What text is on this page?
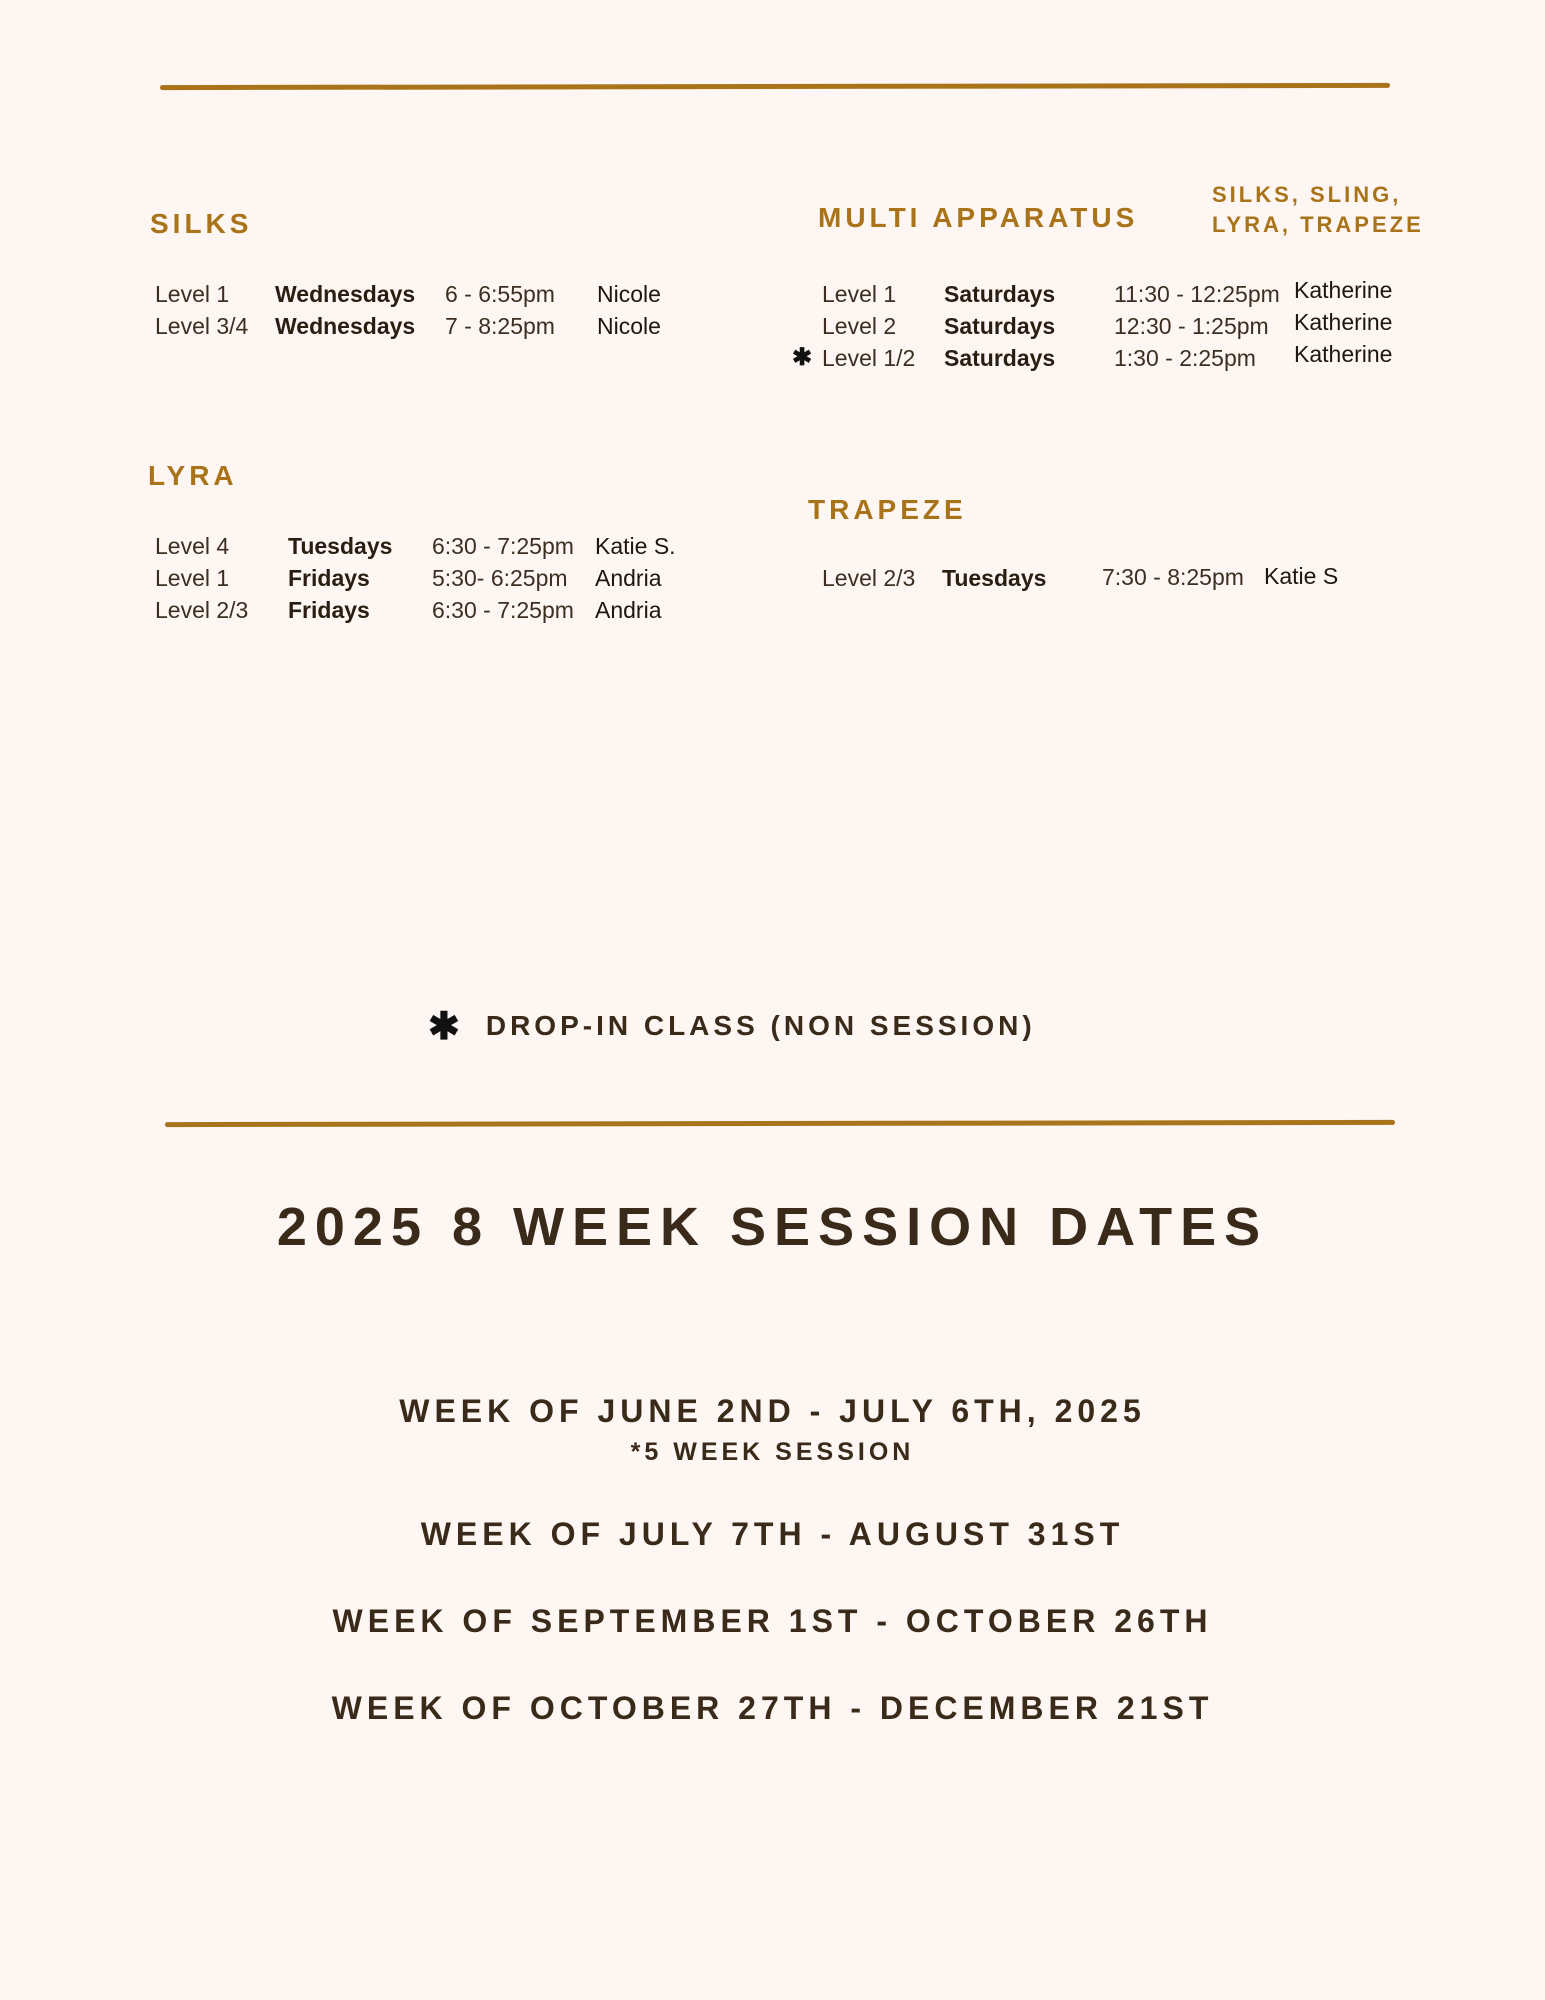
SILKS
Level 1 Wednesdays 6 - 6:55pm Nicole
Level 3/4 Wednesdays 7 - 8:25pm Nicole
MULTI APPARATUS
SILKS, SLING,
LYRA, TRAPEZE
Level 1 Saturdays	11:30 - 12:25pm Katherine
Level 2 Saturdays	12:30 - 1:25pm Katherine
✱ Level 1/2 Saturdays	1:30 - 2:25pm Katherine
LYRA
Level 4	Tuesdays 6:30 - 7:25pm Katie S.
Level 1	Fridays	5:30- 6:25pm Andria
Level 2/3 Fridays	6:30 - 7:25pm Andria
TRAPEZE
Level 2/3 Tuesdays 7:30 - 8:25pm Katie S
✱ DROP-IN CLASS (NON SESSION)
2025 8 WEEK SESSION DATES
WEEK OF JUNE 2ND - JULY 6TH, 2025
*5 WEEK SESSION
WEEK OF JULY 7TH - AUGUST 31ST
WEEK OF SEPTEMBER 1ST - OCTOBER 26TH
WEEK OF OCTOBER 27TH - DECEMBER 21ST
